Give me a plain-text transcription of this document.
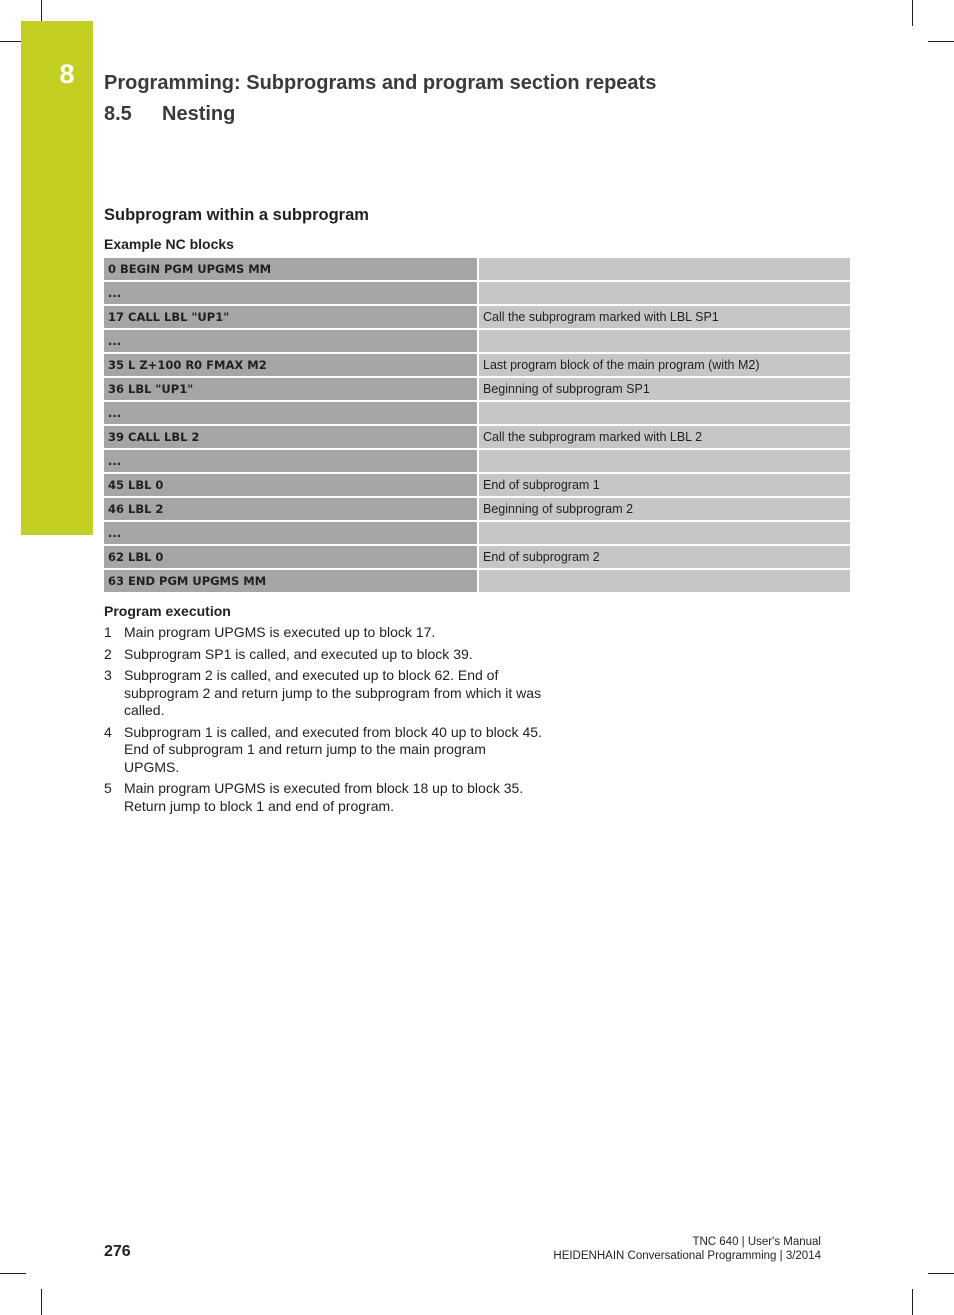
8	Programming: Subprograms and program section repeats
8.5 Nesting
Subprogram within a subprogram
Example NC blocks
0 BEGIN PGM UPGMS MM	
...	
17 CALL LBL "UP1"	Call the subprogram marked with LBL SP1
...	
35 L Z+100 R0 FMAX M2	Last program block of the main program (with M2)
36 LBL "UP1"	Beginning of subprogram SP1
...	
39 CALL LBL 2	Call the subprogram marked with LBL 2
...	
45 LBL 0	End of subprogram 1
46 LBL 2	Beginning of subprogram 2
...	
62 LBL 0	End of subprogram 2
63 END PGM UPGMS MM	
Program execution
1 Main program UPGMS is executed up to block 17.
2 Subprogram SP1 is called, and executed up to block 39.
3 Subprogram 2 is called, and executed up to block 62. End of subprogram 2 and return jump to the subprogram from which it was called.
4 Subprogram 1 is called, and executed from block 40 up to block 45. End of subprogram 1 and return jump to the main program UPGMS.
5 Main program UPGMS is executed from block 18 up to block 35. Return jump to block 1 and end of program.
276
TNC 640 | User's Manual
HEIDENHAIN Conversational Programming | 3/2014
